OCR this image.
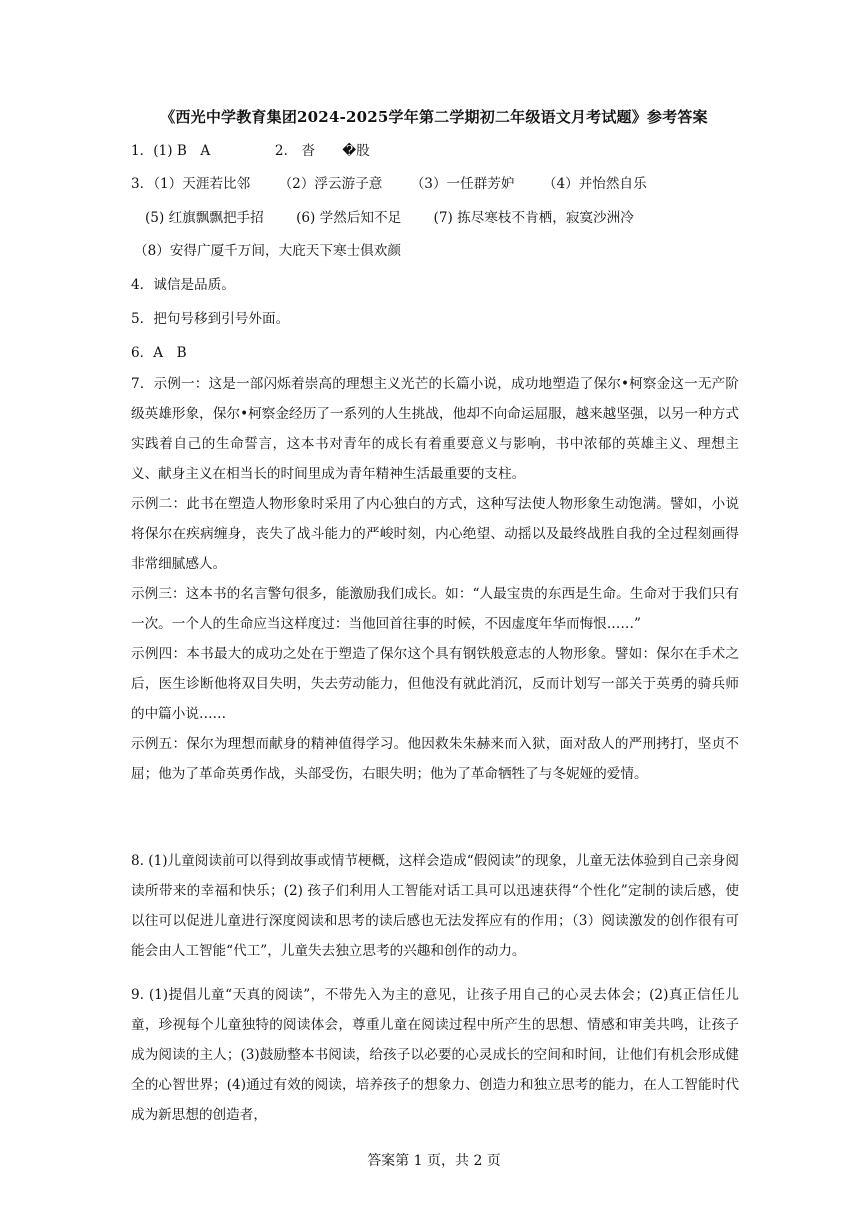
《西光中学教育集团2024-2025学年第二学期初二年级语文月考试题》参考答案
1．(1) B　A	2.　沓　　�股
3．（1）天涯若比邻 （2）浮云游子意 （3）一任群芳妒 （4）并怡然自乐
(5) 红旗飘飘把手招 (6) 学然后知不足 (7) 拣尽寒枝不肯栖，寂寞沙洲冷
（8）安得广厦千万间，大庇天下寒士俱欢颜
4．诚信是品质。
5．把句号移到引号外面。
6．A　B

7．示例一：这是一部闪烁着崇高的理想主义光芒的长篇小说，成功地塑造了保尔•柯察金这一无产阶级英雄形象，保尔•柯察金经历了一系列的人生挑战，他却不向命运屈服，越来越坚强，以另一种方式实践着自己的生命誓言，这本书对青年的成长有着重要意义与影响，书中浓郁的英雄主义、理想主义、献身主义在相当长的时间里成为青年精神生活最重要的支柱。

示例二：此书在塑造人物形象时采用了内心独白的方式，这种写法使人物形象生动饱满。譬如，小说将保尔在疾病缠身，丧失了战斗能力的严峻时刻，内心绝望、动摇以及最终战胜自我的全过程刻画得非常细腻感人。

示例三：这本书的名言警句很多，能激励我们成长。如：“人最宝贵的东西是生命。生命对于我们只有一次。一个人的生命应当这样度过：当他回首往事的时候，不因虚度年华而悔恨……”

示例四：本书最大的成功之处在于塑造了保尔这个具有钢铁般意志的人物形象。譬如：保尔在手术之后，医生诊断他将双目失明，失去劳动能力，但他没有就此消沉，反而计划写一部关于英勇的骑兵师的中篇小说……

示例五：保尔为理想而献身的精神值得学习。他因救朱朱赫来而入狱，面对敌人的严刑拷打，坚贞不屈；他为了革命英勇作战，头部受伤，右眼失明；他为了革命牺牲了与冬妮娅的爱情。

8. (1)儿童阅读前可以得到故事或情节梗概，这样会造成“假阅读”的现象，儿童无法体验到自己亲身阅读所带来的幸福和快乐；(2) 孩子们利用人工智能对话工具可以迅速获得“个性化”定制的读后感，使以往可以促进儿童进行深度阅读和思考的读后感也无法发挥应有的作用；（3）阅读激发的创作很有可能会由人工智能“代工”，儿童失去独立思考的兴趣和创作的动力。
9. (1)提倡儿童“天真的阅读”，不带先入为主的意见，让孩子用自己的心灵去体会；(2)真正信任儿童，珍视每个儿童独特的阅读体会，尊重儿童在阅读过程中所产生的思想、情感和审美共鸣，让孩子成为阅读的主人；(3)鼓励整本书阅读，给孩子以必要的心灵成长的空间和时间，让他们有机会形成健全的心智世界；(4)通过有效的阅读，培养孩子的想象力、创造力和独立思考的能力，在人工智能时代成为新思想的创造者，
答案第 1 页，共 2 页
